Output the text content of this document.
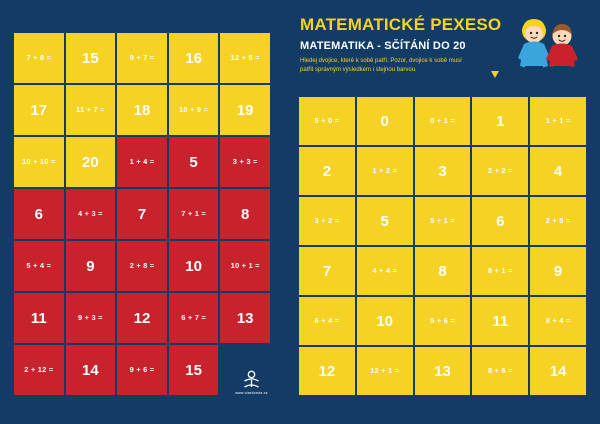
7 + 8 =	15	9 + 7 =	16	12 + 5 =
17	11 + 7 =	18	10 + 9 =	19
10 + 10 =	20	1 + 4 =	5	3 + 3 =
6	4 + 3 =	7	7 + 1 =	8
5 + 4 =	9	2 + 8 =	10	10 + 1 =
11	9 + 3 =	12	6 + 7 =	13
2 + 12 =	14	9 + 6 =	15
MATEMATICKÉ PEXESO
MATEMATIKA - SČÍTÁNÍ DO 20
Hledej dvojice, které k sobě patří. Pozor, dvojice k sobě musí patřit správným výsledkem i stejnou barvou.
5 + 0 =	0	0 + 1 =	1	1 + 1 =
2	1 + 2 =	3	2 + 2 =	4
3 + 2 =	5	5 + 1 =	6	2 + 5 =
7	4 + 4 =	8	8 + 1 =	9
6 + 4 =	10	5 + 6 =	11	8 + 4 =
12	12 + 1 =	13	8 + 6 =	14
www.vlastiveda.cz
